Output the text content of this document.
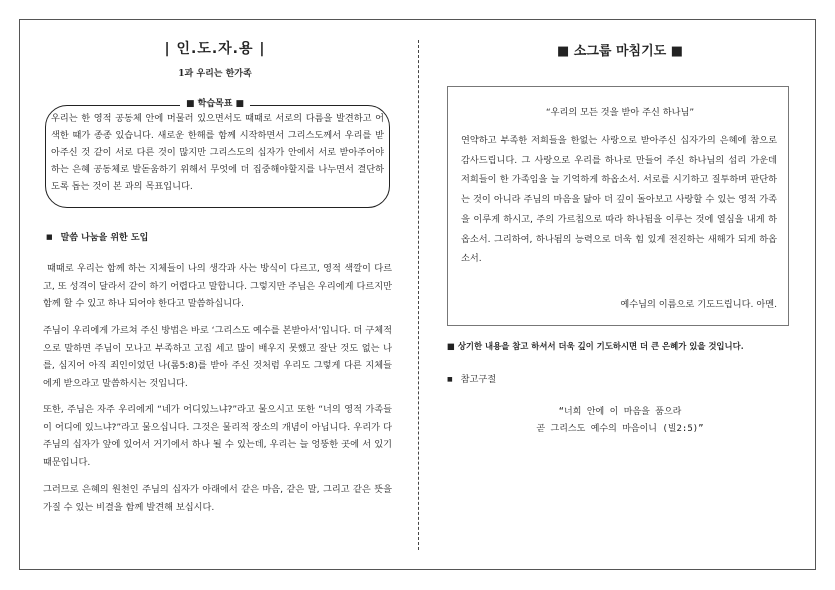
| 인.도.자.용 |
1과 우리는 한가족
■ 학습목표 ■
우리는 한 영적 공동체 안에 머물러 있으면서도 때때로 서로의 다름을 발견하고 어색한 때가 종종 있습니다. 새로운 한해를 함께 시작하면서 그리스도께서 우리를 받아주신 것 같이 서로 다른 것이 많지만 그리스도의 십자가 안에서 서로 받아주어야 하는 은혜 공동체로 발돋움하기 위해서 무엇에 더 집중해야할지를 나누면서 결단하도록 돕는 것이 본 과의 목표입니다.
■ 말씀 나눔을 위한 도입
때때로 우리는 함께 하는 지체들이 나의 생각과 사는 방식이 다르고, 영적 색깔이 다르고, 또 성격이 달라서 같이 하기 어렵다고 말합니다. 그렇지만 주님은 우리에게 다르지만 함께 할 수 있고 하나 되어야 한다고 말씀하십니다.
주님이 우리에게 가르쳐 주신 방법은 바로 ‘그리스도 예수를 본받아서’입니다. 더 구체적으로 말하면 주님이 모나고 부족하고 고집 세고 많이 배우지 못했고 잘난 것도 없는 나를, 심지어 아직 죄인이었던 나(롬5:8)를 받아 주신 것처럼 우리도 그렇게 다른 지체들에게 받으라고 말씀하시는 것입니다.
또한, 주님은 자주 우리에게 “네가 어디있느냐?”라고 물으시고 또한 “너의 영적 가족들이 어디에 있느냐?”라고 물으십니다. 그것은 물리적 장소의 개념이 아닙니다. 우리가 다 주님의 십자가 앞에 있어서 거기에서 하나 될 수 있는데, 우리는 늘 엉뚱한 곳에 서 있기 때문입니다.
그러므로 은혜의 원천인 주님의 십자가 아래에서 같은 마음, 같은 말, 그리고 같은 뜻을 가질 수 있는 비결을 함께 발견해 보십시다.
■ 소그룹 마침기도 ■
“우리의 모든 것을 받아 주신 하나님”
연약하고 부족한 저희들을 한없는 사랑으로 받아주신 십자가의 은혜에 참으로 감사드립니다. 그 사랑으로 우리를 하나로 만들어 주신 하나님의 섭리 가운데 저희들이 한 가족임을 늘 기억하게 하옵소서. 서로를 시기하고 질투하며 판단하는 것이 아니라 주님의 마음을 닮아 더 깊이 돌아보고 사랑할 수 있는 영적 가족을 이루게 하시고, 주의 가르침으로 따라 하나됨을 이루는 것에 열심을 내게 하옵소서. 그리하여, 하나됨의 능력으로 더욱 힘 있게 전진하는 새해가 되게 하옵소서.
예수님의 이름으로 기도드립니다. 아멘.
■ 상기한 내용을 참고 하셔서 더욱 깊이 기도하시면 더 큰 은혜가 있을 것입니다.
■ 참고구절
“너희 안에 이 마음을 품으라
곧 그리스도 예수의 마음이니 (빌2:5)”
